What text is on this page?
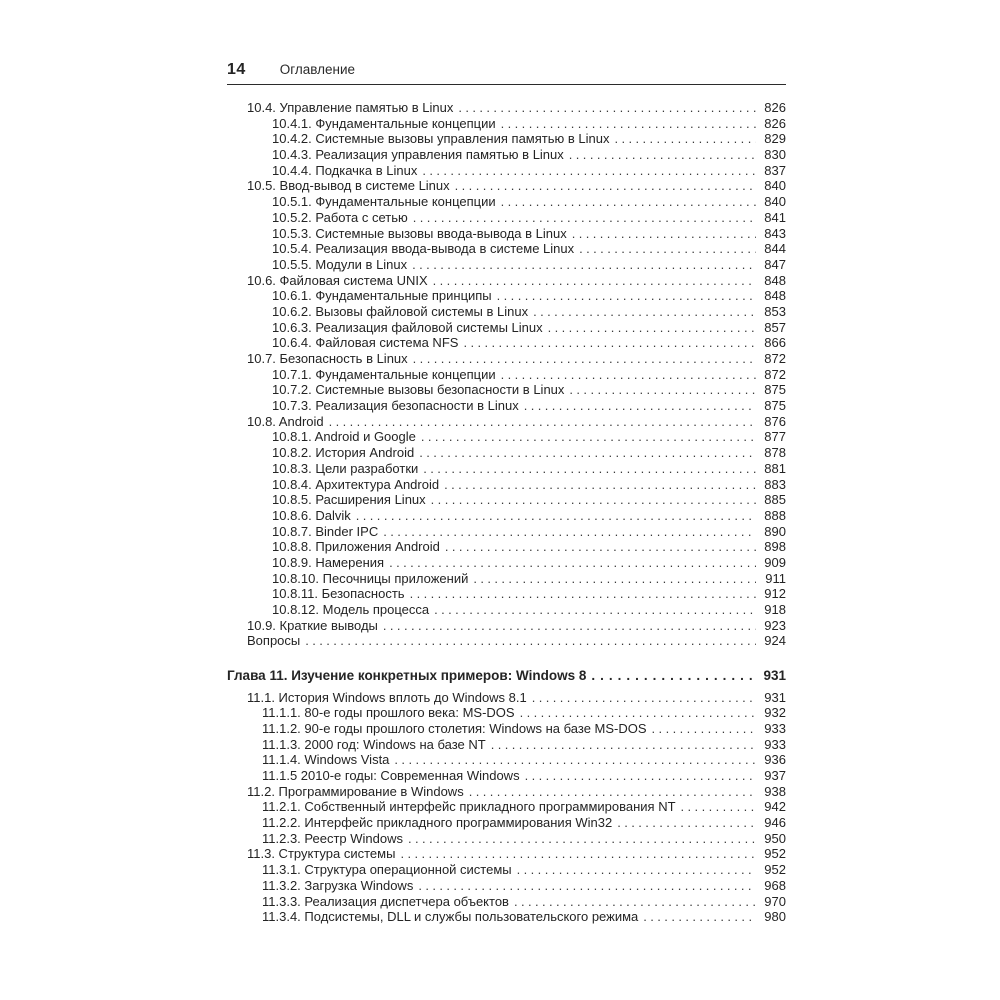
14	Оглавление
10.4. Управление памятью в Linux .....	826
10.4.1. Фундаментальные концепции .....	826
10.4.2. Системные вызовы управления памятью в Linux .....	829
10.4.3. Реализация управления памятью в Linux .....	830
10.4.4. Подкачка в Linux .....	837
10.5. Ввод-вывод в системе Linux .....	840
10.5.1. Фундаментальные концепции .....	840
10.5.2. Работа с сетью .....	841
10.5.3. Системные вызовы ввода-вывода в Linux .....	843
10.5.4. Реализация ввода-вывода в системе Linux .....	844
10.5.5. Модули в Linux .....	847
10.6. Файловая система UNIX .....	848
10.6.1. Фундаментальные принципы .....	848
10.6.2. Вызовы файловой системы в Linux .....	853
10.6.3. Реализация файловой системы Linux .....	857
10.6.4. Файловая система NFS .....	866
10.7. Безопасность в Linux .....	872
10.7.1. Фундаментальные концепции .....	872
10.7.2. Системные вызовы безопасности в Linux .....	875
10.7.3. Реализация безопасности в Linux .....	875
10.8. Android .....	876
10.8.1. Android и Google .....	877
10.8.2. История Android .....	878
10.8.3. Цели разработки .....	881
10.8.4. Архитектура Android .....	883
10.8.5. Расширения Linux .....	885
10.8.6. Dalvik .....	888
10.8.7. Binder IPC .....	890
10.8.8. Приложения Android .....	898
10.8.9. Намерения .....	909
10.8.10. Песочницы приложений .....	911
10.8.11. Безопасность .....	912
10.8.12. Модель процесса .....	918
10.9. Краткие выводы .....	923
Вопросы .....	924
Глава 11. Изучение конкретных примеров: Windows 8 .....	931
11.1. История Windows вплоть до Windows 8.1 .....	931
11.1.1. 80-е годы прошлого века: MS-DOS .....	932
11.1.2. 90-е годы прошлого столетия: Windows на базе MS-DOS .....	933
11.1.3. 2000 год: Windows на базе NT .....	933
11.1.4. Windows Vista .....	936
11.1.5 2010-е годы: Современная Windows .....	937
11.2. Программирование в Windows .....	938
11.2.1. Собственный интерфейс прикладного программирования NT .....	942
11.2.2. Интерфейс прикладного программирования Win32 .....	946
11.2.3. Реестр Windows .....	950
11.3. Структура системы .....	952
11.3.1. Структура операционной системы .....	952
11.3.2. Загрузка Windows .....	968
11.3.3. Реализация диспетчера объектов .....	970
11.3.4. Подсистемы, DLL и службы пользовательского режима .....	980
